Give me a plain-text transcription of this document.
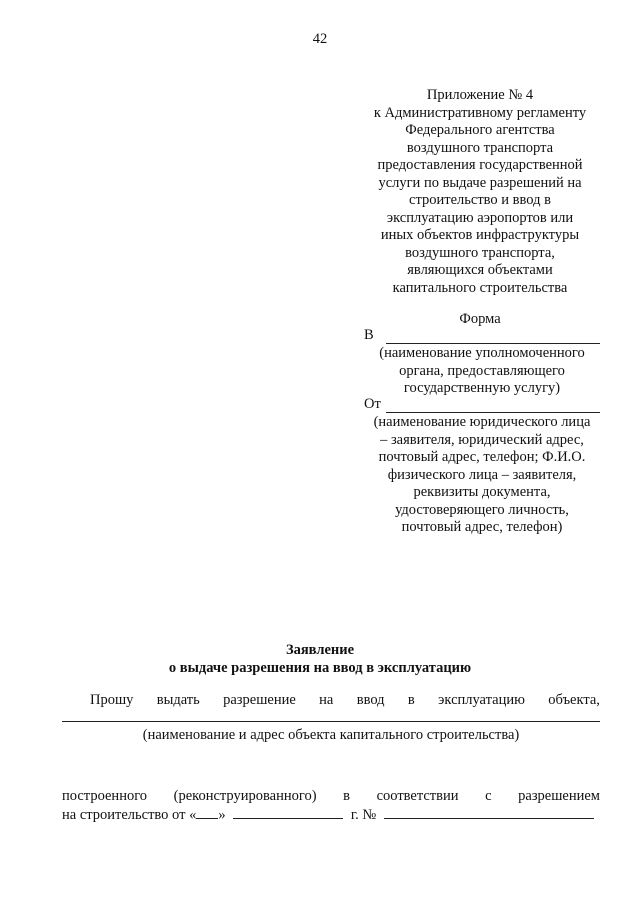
42
Приложение № 4
к Административному регламенту
Федерального агентства
воздушного транспорта
предоставления государственной
услуги по выдаче разрешений на
строительство и ввод в
эксплуатацию аэропортов или
иных объектов инфраструктуры
воздушного транспорта,
являющихся объектами
капитального строительства
Форма
В
(наименование уполномоченного
органа, предоставляющего
государственную услугу)
От
(наименование юридического лица
– заявителя, юридический адрес,
почтовый адрес, телефон; Ф.И.О.
физического лица – заявителя,
реквизиты документа,
удостоверяющего личность,
почтовый адрес, телефон)
Заявление
о выдаче разрешения на ввод в эксплуатацию
Прошу выдать разрешение на ввод в эксплуатацию объекта,
(наименование и адрес объекта капитального строительства)
построенного (реконструированного) в соответствии с разрешением
на строительство от « »	г. №
